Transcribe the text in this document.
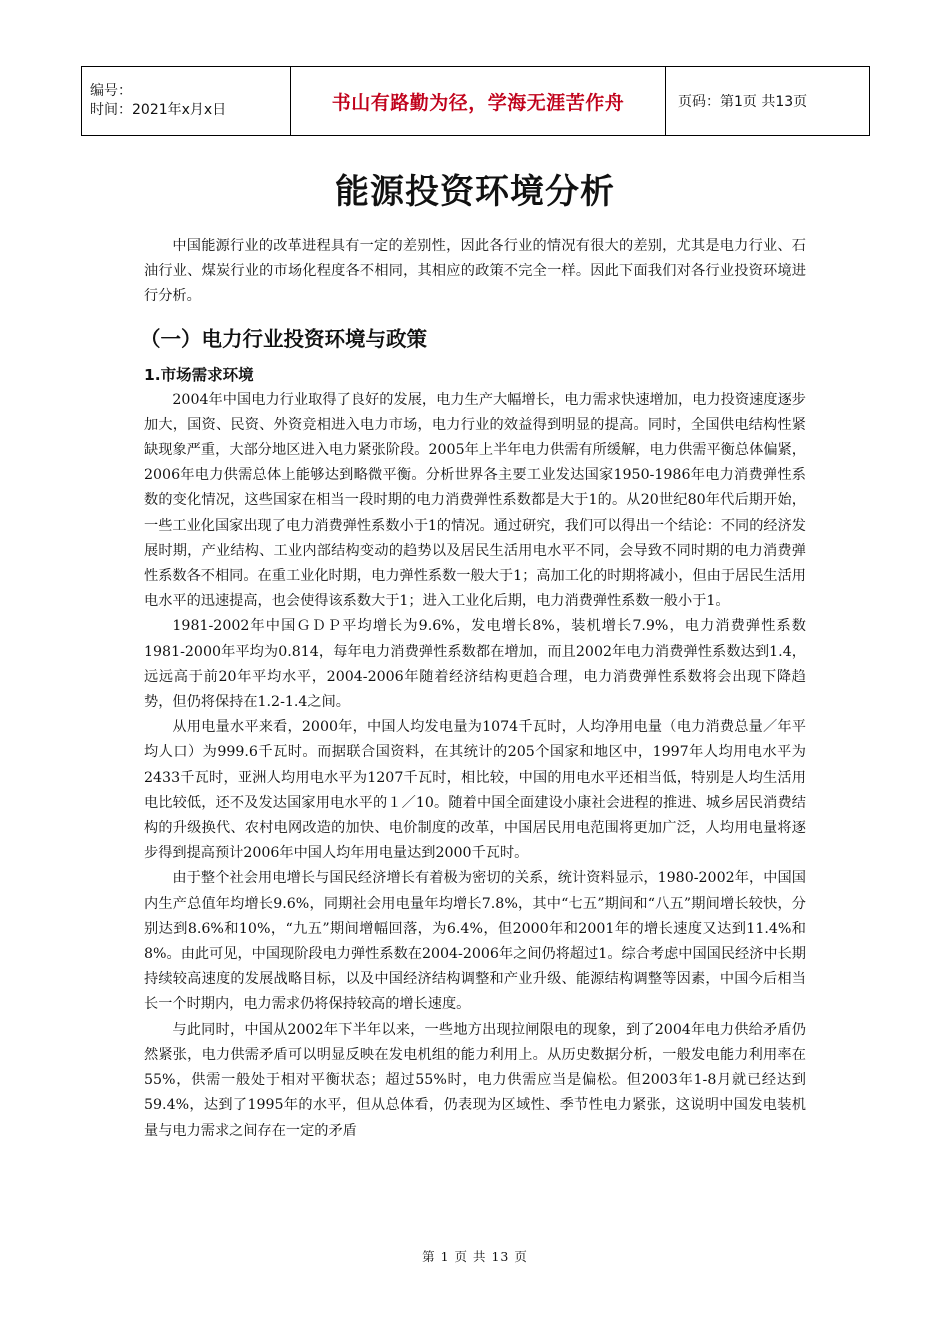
编号：
时间：2021年x月x日	书山有路勤为径，学海无涯苦作舟	页码：第1页 共13页
能源投资环境分析

中国能源行业的改革进程具有一定的差别性，因此各行业的情况有很大的差别，尤其是电力行业、石油行业、煤炭行业的市场化程度各不相同，其相应的政策不完全一样。因此下面我们对各行业投资环境进行分析。

（一）电力行业投资环境与政策
1.市场需求环境

2004年中国电力行业取得了良好的发展，电力生产大幅增长，电力需求快速增加，电力投资速度逐步加大，国资、民资、外资竞相进入电力市场，电力行业的效益得到明显的提高。同时，全国供电结构性紧缺现象严重，大部分地区进入电力紧张阶段。2005年上半年电力供需有所缓解，电力供需平衡总体偏紧，2006年电力供需总体上能够达到略微平衡。分析世界各主要工业发达国家1950-1986年电力消费弹性系数的变化情况，这些国家在相当一段时期的电力消费弹性系数都是大于1的。从20世纪80年代后期开始，一些工业化国家出现了电力消费弹性系数小于1的情况。通过研究，我们可以得出一个结论：不同的经济发展时期，产业结构、工业内部结构变动的趋势以及居民生活用电水平不同，会导致不同时期的电力消费弹性系数各不相同。在重工业化时期，电力弹性系数一般大于1；高加工化的时期将减小，但由于居民生活用电水平的迅速提高，也会使得该系数大于1；进入工业化后期，电力消费弹性系数一般小于1。

1981-2002年中国ＧＤＰ平均增长为9.6%，发电增长8%，装机增长7.9%，电力消费弹性系数1981-2000年平均为0.814，每年电力消费弹性系数都在增加，而且2002年电力消费弹性系数达到1.4，远远高于前20年平均水平，2004-2006年随着经济结构更趋合理，电力消费弹性系数将会出现下降趋势，但仍将保持在1.2-1.4之间。

从用电量水平来看，2000年，中国人均发电量为1074千瓦时，人均净用电量（电力消费总量／年平均人口）为999.6千瓦时。而据联合国资料，在其统计的205个国家和地区中，1997年人均用电水平为2433千瓦时，亚洲人均用电水平为1207千瓦时，相比较，中国的用电水平还相当低，特别是人均生活用电比较低，还不及发达国家用电水平的１／10。随着中国全面建设小康社会进程的推进、城乡居民消费结构的升级换代、农村电网改造的加快、电价制度的改革，中国居民用电范围将更加广泛，人均用电量将逐步得到提高预计2006年中国人均年用电量达到2000千瓦时。

由于整个社会用电增长与国民经济增长有着极为密切的关系，统计资料显示，1980-2002年，中国国内生产总值年均增长9.6%，同期社会用电量年均增长7.8%，其中“七五”期间和“八五”期间增长较快，分别达到8.6%和10%，“九五”期间增幅回落，为6.4%，但2000年和2001年的增长速度又达到11.4%和8%。由此可见，中国现阶段电力弹性系数在2004-2006年之间仍将超过1。综合考虑中国国民经济中长期持续较高速度的发展战略目标，以及中国经济结构调整和产业升级、能源结构调整等因素，中国今后相当长一个时期内，电力需求仍将保持较高的增长速度。

与此同时，中国从2002年下半年以来，一些地方出现拉闸限电的现象，到了2004年电力供给矛盾仍然紧张，电力供需矛盾可以明显反映在发电机组的能力利用上。从历史数据分析，一般发电能力利用率在55%，供需一般处于相对平衡状态；超过55%时，电力供需应当是偏松。但2003年1-8月就已经达到59.4%，达到了1995年的水平，但从总体看，仍表现为区域性、季节性电力紧张，这说明中国发电装机量与电力需求之间存在一定的矛盾

第 1 页 共 13 页
